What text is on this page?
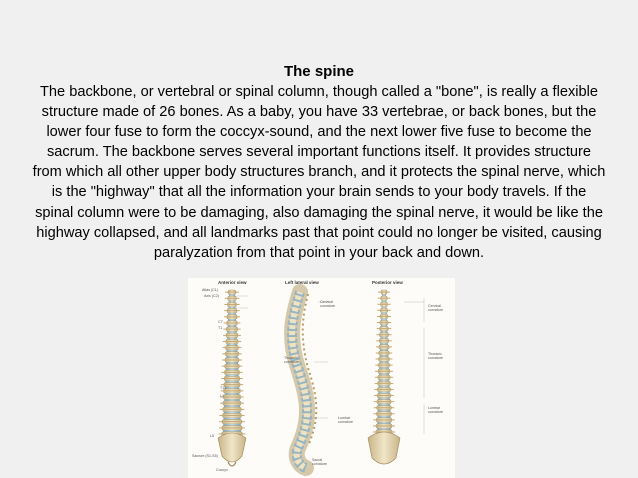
The spine
The backbone, or vertebral or spinal column, though called a "bone", is really a flexible
structure made of 26 bones. As a baby, you have 33 vertebrae, or back bones, but the
lower four fuse to form the coccyx-sound, and the next lower five fuse to become the
sacrum. The backbone serves several important functions itself. It provides structure
from which all other upper body structures branch, and it protects the spinal nerve, which
is the "highway" that all the information your brain sends to your body travels. If the
spinal column were to be damaging, also damaging the spinal nerve, it would be like the
highway collapsed, and all landmarks past that point could no longer be visited, causing
paralyzation from that point in your back and down.
Anterior view	Left lateral view	Posterior view
Atlas (C1)
Axis (C2)
C7
T1
T12
L1
L5
Sacrum (S1-S5)
Coccyx
Cervical curvature
Thoracic curvature
Lumbar curvature
Sacral curvature
Cervical curvature
Thoracic curvature
Lumbar curvature
